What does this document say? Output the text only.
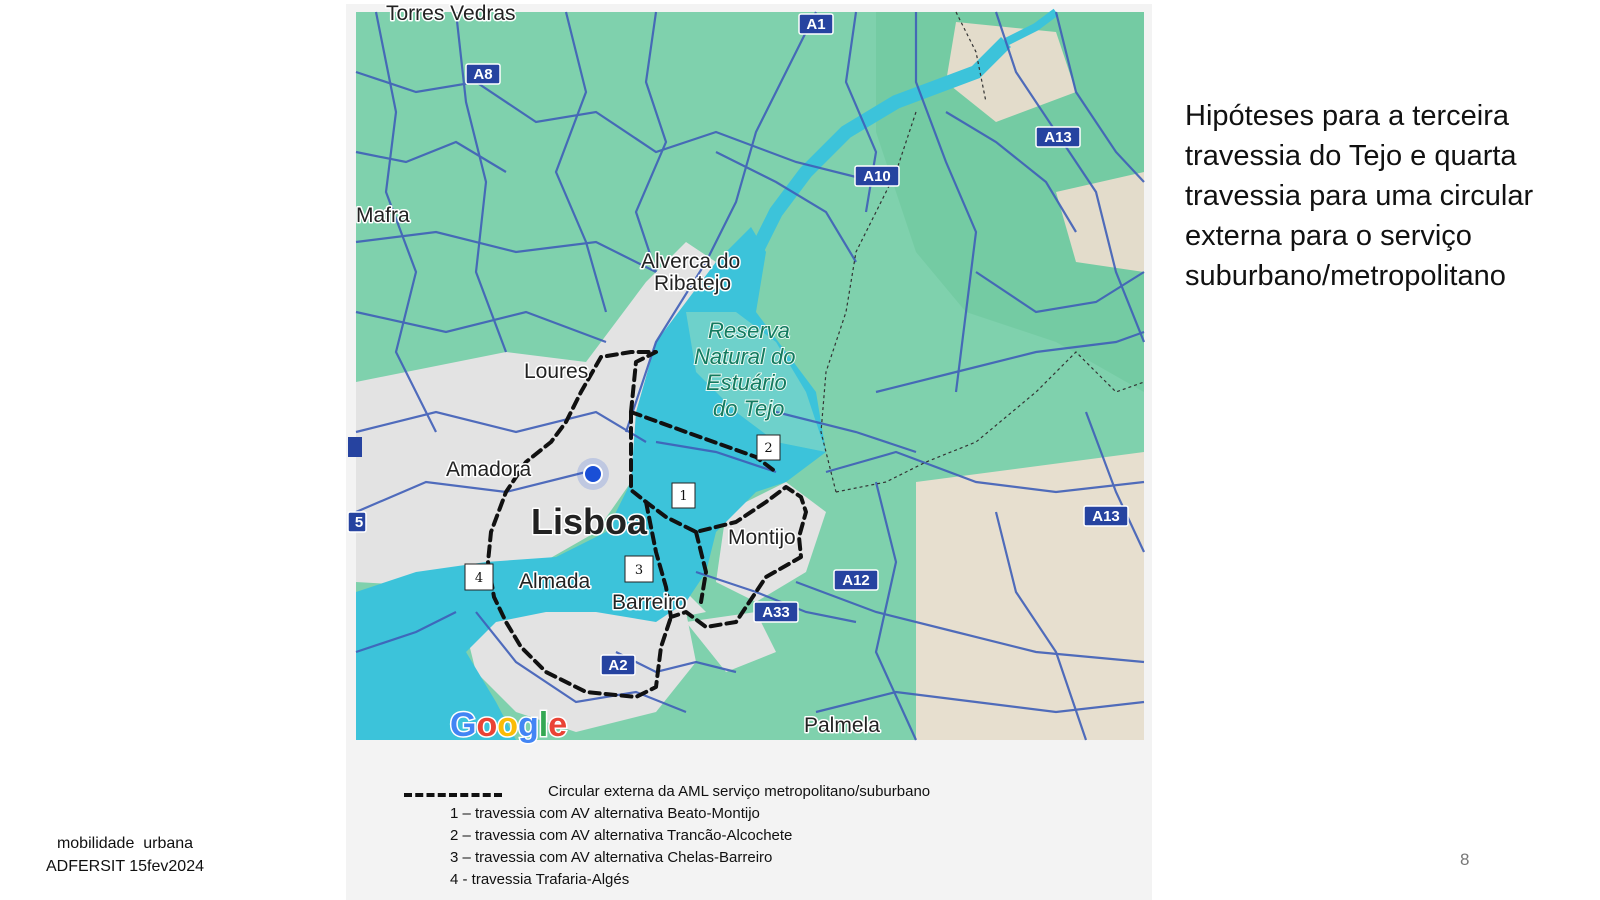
Torres Vedras
Mafra
Alverca do
Ribatejo
Loures
Amadora
Lisboa
Almada
Barreiro
Montijo
Palmela
Reserva
Natural do
Estuário
do Tejo
A1
A8
A13
A10
A13
A12
A33
A2
5
1
2
3
4
Google
Hipóteses para a terceira
travessia do Tejo e quarta
travessia para uma circular
externa para o serviço
suburbano/metropolitano
Circular externa da AML serviço metropolitano/suburbano
1 – travessia com AV alternativa Beato-Montijo
2 – travessia com AV alternativa Trancão-Alcochete
3 – travessia com AV alternativa Chelas-Barreiro
4 - travessia Trafaria-Algés
mobilidade  urbana
ADFERSIT 15fev2024	8
